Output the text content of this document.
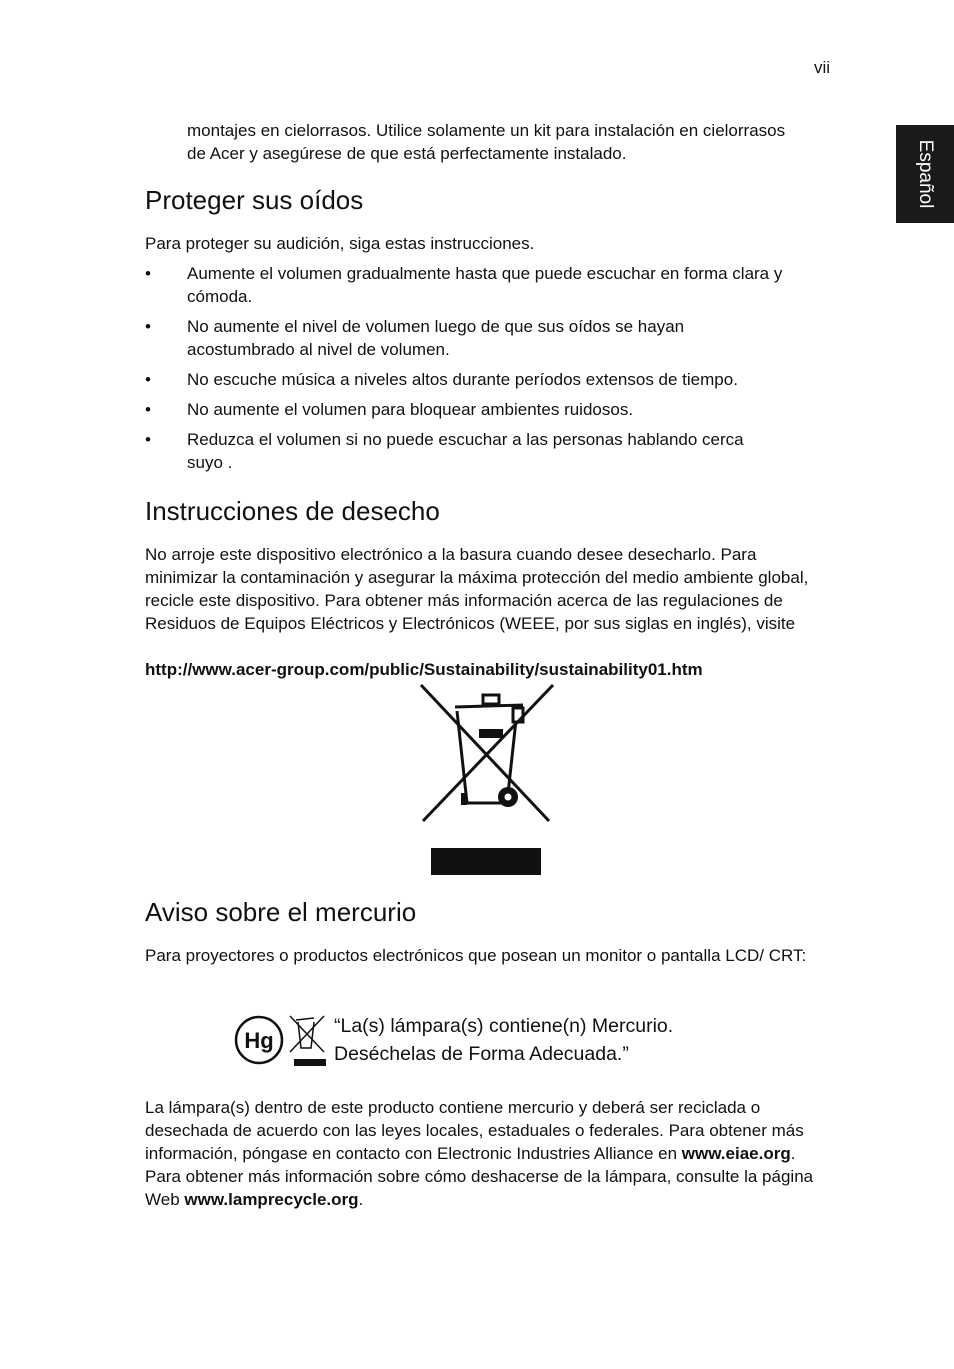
vii
Español

montajes en cielorrasos. Utilice solamente un kit para instalación en cielorrasos de Acer y asegúrese de que está perfectamente instalado.

Proteger sus oídos

Para proteger su audición, siga estas instrucciones.

• Aumente el volumen gradualmente hasta que puede escuchar en forma clara y cómoda.
• No aumente el nivel de volumen luego de que sus oídos se hayan acostumbrado al nivel de volumen.
• No escuche música a niveles altos durante períodos extensos de tiempo.
• No aumente el volumen para bloquear ambientes ruidosos.
• Reduzca el volumen si no puede escuchar a las personas hablando cerca suyo .
Instrucciones de desecho

No arroje este dispositivo electrónico a la basura cuando desee desecharlo. Para minimizar la contaminación y asegurar la máxima protección del medio ambiente global, recicle este dispositivo. Para obtener más información acerca de las regulaciones de Residuos de Equipos Eléctricos y Electrónicos (WEEE, por sus siglas en inglés), visite

http://www.acer-group.com/public/Sustainability/sustainability01.htm

Aviso sobre el mercurio

Para proyectores o productos electrónicos que posean un monitor o pantalla LCD/ CRT:

La lámpara(s) dentro de este producto contiene mercurio y deberá ser reciclada o desechada de acuerdo con las leyes locales, estaduales o federales. Para obtener más información, póngase en contacto con Electronic Industries Alliance en www.eiae.org. Para obtener más información sobre cómo deshacerse de la lámpara, consulte la página Web www.lamprecycle.org.

Hg
“La(s) lámpara(s) contiene(n) Mercurio.
Deséchelas de Forma Adecuada.”
